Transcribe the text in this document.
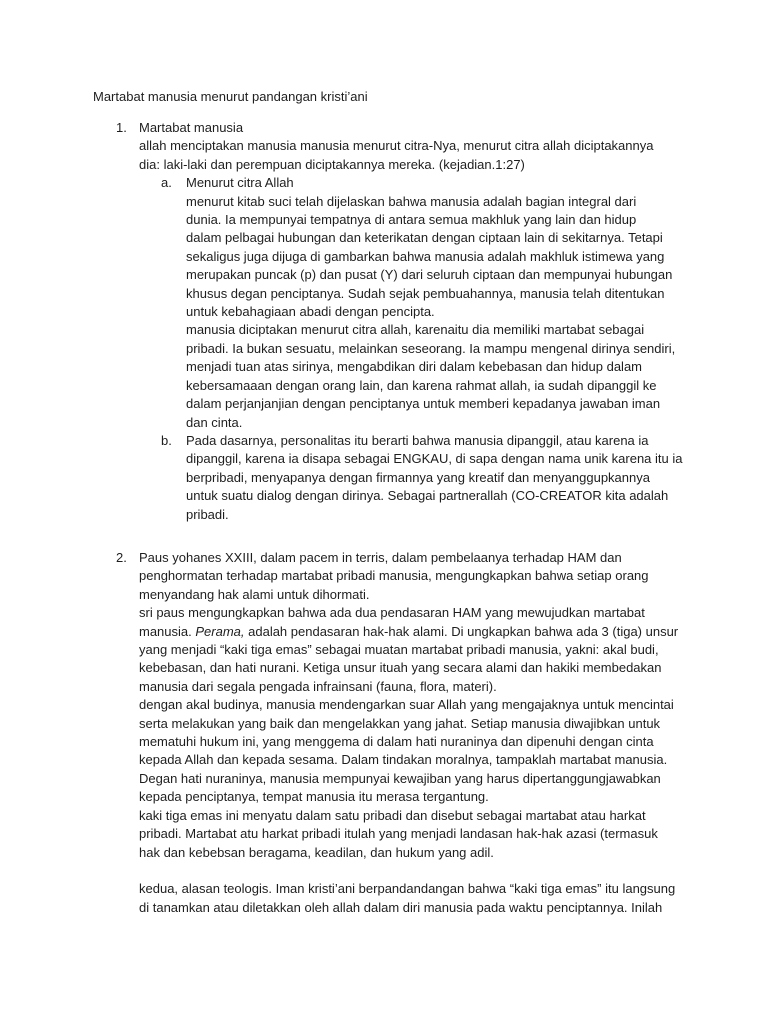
Martabat manusia menurut pandangan kristi’ani
1. Martabat manusia
allah menciptakan manusia manusia menurut citra-Nya, menurut citra allah diciptakannya
dia: laki-laki dan perempuan diciptakannya mereka. (kejadian.1:27)
a. Menurut citra Allah
menurut kitab suci telah dijelaskan bahwa manusia adalah bagian integral dari
dunia. Ia mempunyai tempatnya di antara semua makhluk yang lain dan hidup
dalam pelbagai hubungan dan keterikatan dengan ciptaan lain di sekitarnya. Tetapi
sekaligus juga dijuga di gambarkan bahwa manusia adalah makhluk istimewa yang
merupakan puncak (p) dan pusat (Y) dari seluruh ciptaan dan mempunyai hubungan
khusus degan penciptanya. Sudah sejak pembuahannya, manusia telah ditentukan
untuk kebahagiaan abadi dengan pencipta.
manusia diciptakan menurut citra allah, karenaitu dia memiliki martabat sebagai
pribadi. Ia bukan sesuatu, melainkan seseorang. Ia mampu mengenal dirinya sendiri,
menjadi tuan atas sirinya, mengabdikan diri dalam kebebasan dan hidup dalam
kebersamaaan dengan orang lain, dan karena rahmat allah, ia sudah dipanggil ke
dalam perjanjanjian dengan penciptanya untuk memberi kepadanya jawaban iman
dan cinta.
b. Pada dasarnya, personalitas itu berarti bahwa manusia dipanggil, atau karena ia
dipanggil, karena ia disapa sebagai ENGKAU, di sapa dengan nama unik karena itu ia
berpribadi, menyapanya dengan firmannya yang kreatif dan menyanggupkannya
untuk suatu dialog dengan dirinya. Sebagai partnerallah (CO-CREATOR kita adalah
pribadi.
2. Paus yohanes XXIII, dalam pacem in terris, dalam pembelaanya terhadap HAM dan
penghormatan terhadap martabat pribadi manusia, mengungkapkan bahwa setiap orang
menyandang hak alami untuk dihormati.
sri paus mengungkapkan bahwa ada dua pendasaran HAM yang mewujudkan martabat
manusia. Perama, adalah pendasaran hak-hak alami. Di ungkapkan bahwa ada 3 (tiga) unsur
yang menjadi “kaki tiga emas” sebagai muatan martabat pribadi manusia, yakni: akal budi,
kebebasan, dan hati nurani. Ketiga unsur ituah yang secara alami dan hakiki membedakan
manusia dari segala pengada infrainsani (fauna, flora, materi).
dengan akal budinya, manusia mendengarkan suar Allah yang mengajaknya untuk mencintai
serta melakukan yang baik dan mengelakkan yang jahat. Setiap manusia diwajibkan untuk
mematuhi hukum ini, yang menggema di dalam hati nuraninya dan dipenuhi dengan cinta
kepada Allah dan kepada sesama. Dalam tindakan moralnya, tampaklah martabat manusia.
Degan hati nuraninya, manusia mempunyai kewajiban yang harus dipertanggungjawabkan
kepada penciptanya, tempat manusia itu merasa tergantung.
kaki tiga emas ini menyatu dalam satu pribadi dan disebut sebagai martabat atau harkat
pribadi. Martabat atu harkat pribadi itulah yang menjadi landasan hak-hak azasi (termasuk
hak dan kebebsan beragama, keadilan, dan hukum yang adil.
kedua, alasan teologis. Iman kristi’ani berpandandangan bahwa “kaki tiga emas” itu langsung
di tanamkan atau diletakkan oleh allah dalam diri manusia pada waktu penciptannya. Inilah
